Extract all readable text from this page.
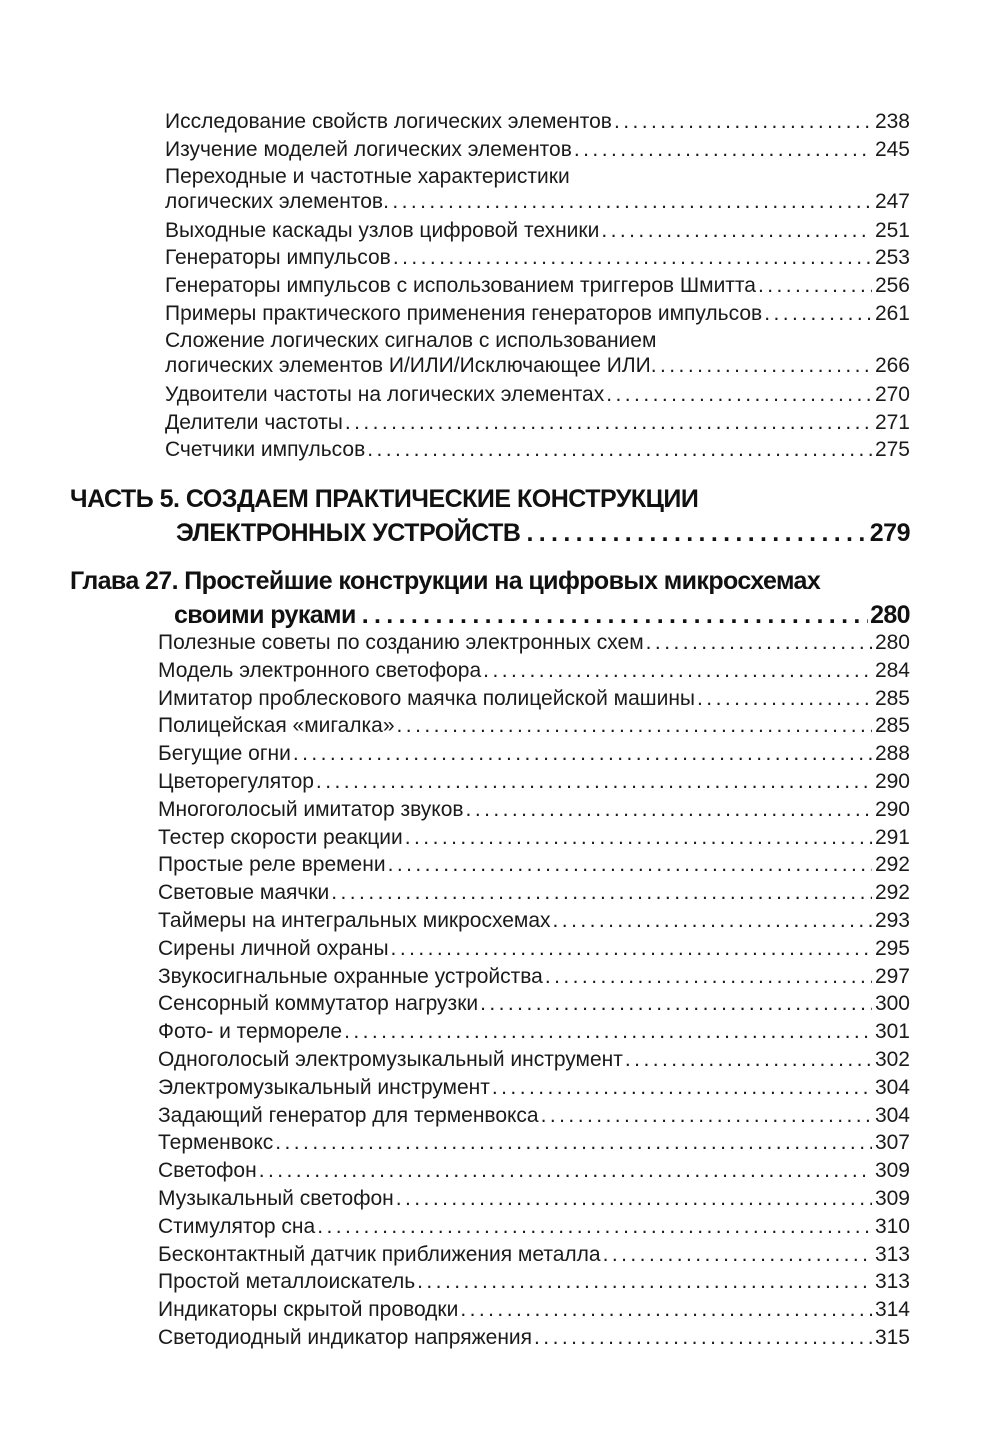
Исследование свойств логических элементов . . .	238
Изучение моделей логических элементов . . .	245
Переходные и частотные характеристики
логических элементов . . .	247
Выходные каскады узлов цифровой техники . . .	251
Генераторы импульсов . . .	253
Генераторы импульсов с использованием триггеров Шмитта . . .	256
Примеры практического применения генераторов импульсов . . .	261
Сложение логических сигналов с использованием
логических элементов И/ИЛИ/Исключающее ИЛИ . . .	266
Удвоители частоты на логических элементах . . .	270
Делители частоты . . .	271
Счетчики импульсов . . .	275
ЧАСТЬ 5. СОЗДАЕМ ПРАКТИЧЕСКИЕ КОНСТРУКЦИИ
ЭЛЕКТРОННЫХ УСТРОЙСТВ . . .	279
Глава 27. Простейшие конструкции на цифровых микросхемах
своими руками . . .	280
Полезные советы по созданию электронных схем . . .	280
Модель электронного светофора . . .	284
Имитатор проблескового маячка полицейской машины . . .	285
Полицейская «мигалка» . . .	285
Бегущие огни . . .	288
Цветорегулятор . . .	290
Многоголосый имитатор звуков . . .	290
Тестер скорости реакции . . .	291
Простые реле времени . . .	292
Световые маячки . . .	292
Таймеры на интегральных микросхемах . . .	293
Сирены личной охраны . . .	295
Звукосигнальные охранные устройства . . .	297
Сенсорный коммутатор нагрузки . . .	300
Фото- и термореле . . .	301
Одноголосый электромузыкальный инструмент . . .	302
Электромузыкальный инструмент . . .	304
Задающий генератор для терменвокса . . .	304
Терменвокс . . .	307
Светофон . . .	309
Музыкальный светофон . . .	309
Стимулятор сна . . .	310
Бесконтактный датчик приближения металла . . .	313
Простой металлоискатель . . .	313
Индикаторы скрытой проводки . . .	314
Светодиодный индикатор напряжения . . .	315
